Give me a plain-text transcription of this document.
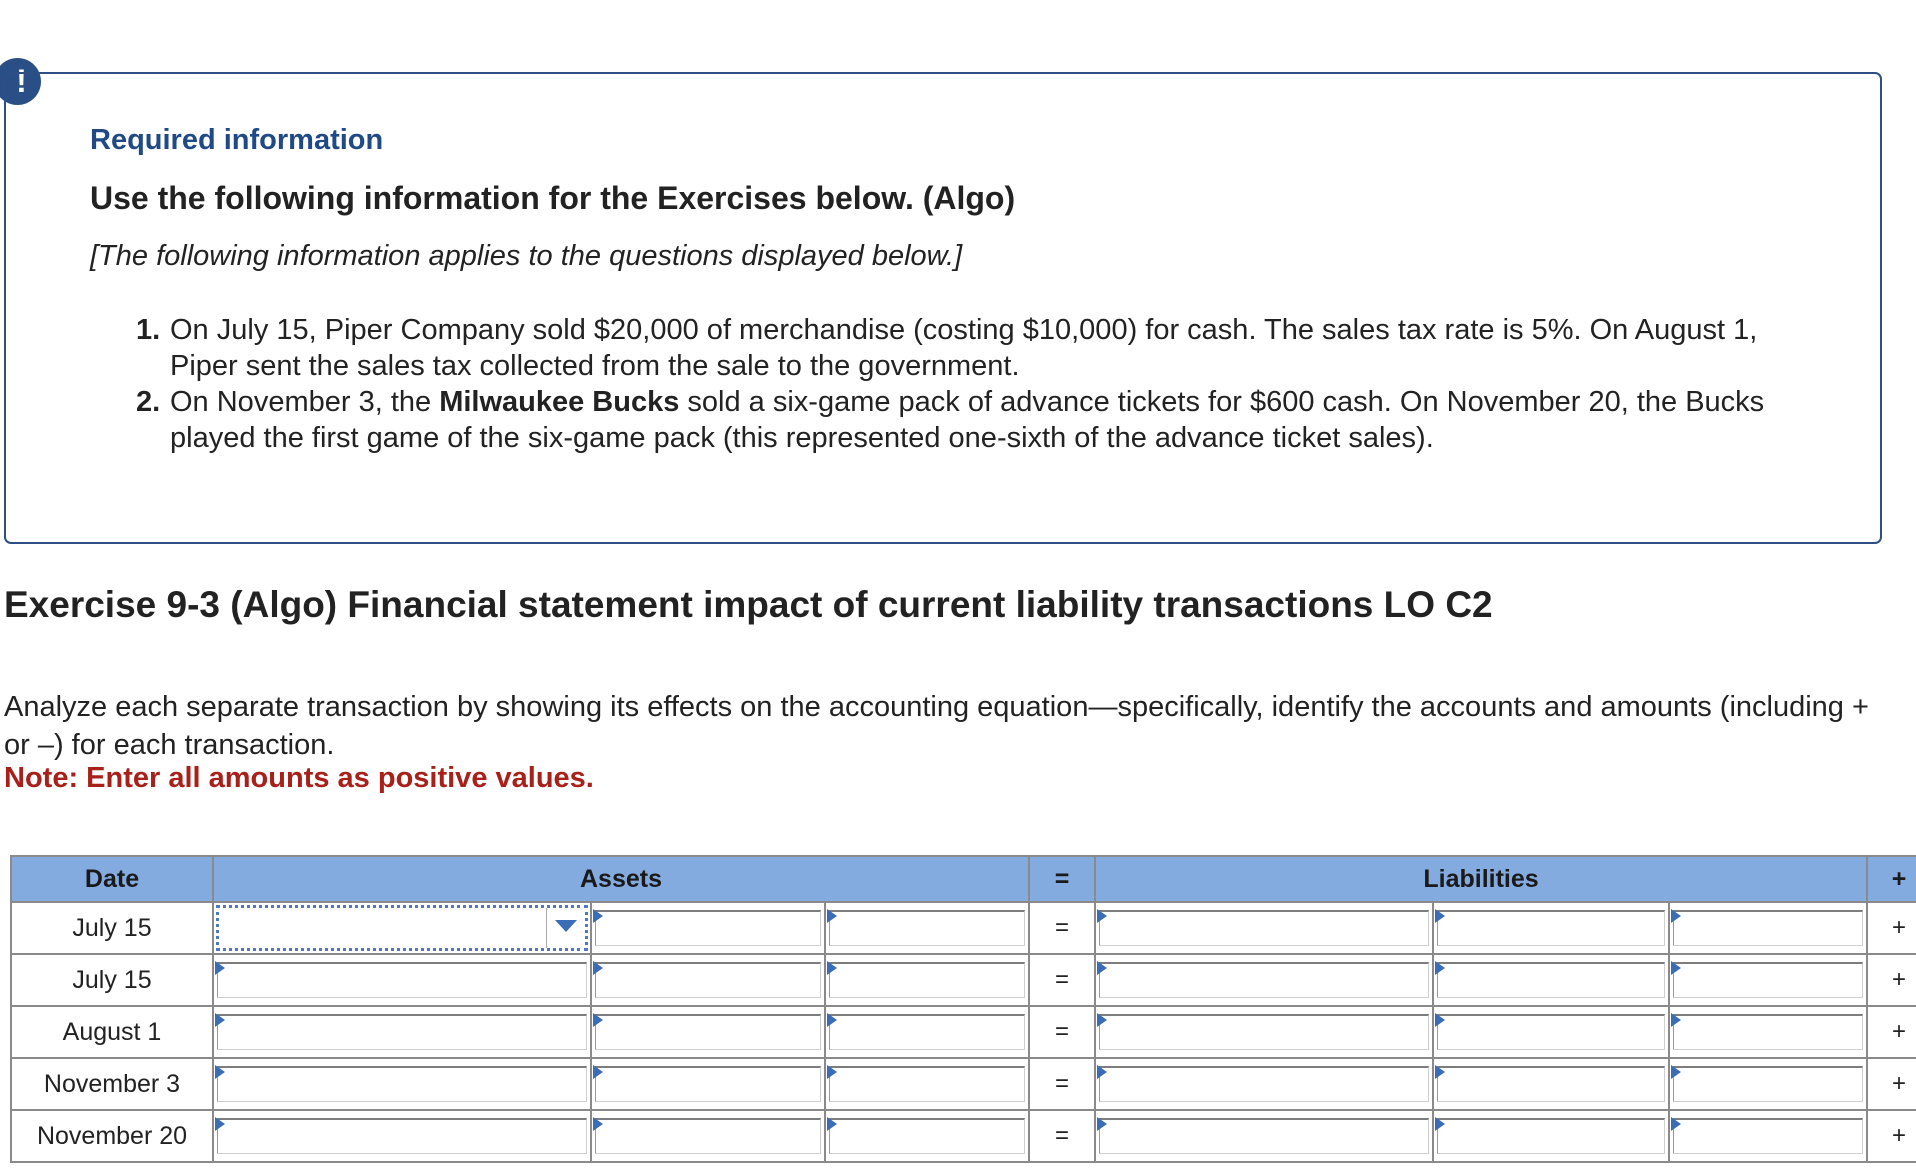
!
Required information
Use the following information for the Exercises below. (Algo)
[The following information applies to the questions displayed below.]
1. On July 15, Piper Company sold $20,000 of merchandise (costing $10,000) for cash. The sales tax rate is 5%. On August 1, Piper sent the sales tax collected from the sale to the government.
2. On November 3, the Milwaukee Bucks sold a six-game pack of advance tickets for $600 cash. On November 20, the Bucks played the first game of the six-game pack (this represented one-sixth of the advance ticket sales).
Exercise 9-3 (Algo) Financial statement impact of current liability transactions LO C2
Analyze each separate transaction by showing its effects on the accounting equation—specifically, identify the accounts and amounts (including + or –) for each transaction.
Note: Enter all amounts as positive values.
Date	Assets			=	Liabilities			+
July 15				=				+
July 15				=				+
August 1				=				+
November 3				=				+
November 20				=				+
